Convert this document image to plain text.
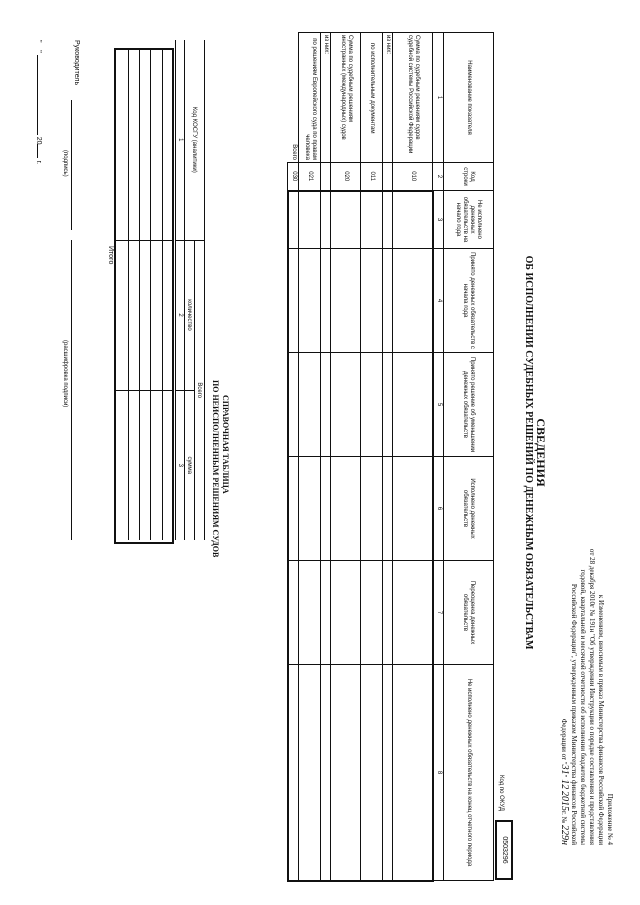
Приложение № 4
к Изменениям, вносимым в приказ Министерства финансов Российской Федерации
от 28 декабря 2010г № 191н "Об утверждении Инструкции о порядке составления и представления
годовой, квартальной и месячной отчетности об исполнении бюджетов бюджетной системы
Российской Федерации", утвержденным приказом Министерства финансов Российской
Федерации от "31" 12 2015г. № 229н
СВЕДЕНИЯ
ОБ ИСПОЛНЕНИИ СУДЕБНЫХ РЕШЕНИЙ ПО ДЕНЕЖНЫМ ОБЯЗАТЕЛЬСТВАМ
Код по ОКУД
0503296
Наименование показателя	Код строки	Не исполнено денежных обязательств на начало года	Принято денежных обязательств с начала года	Принято решение об уменьшении денежных обязательств	Исполнено денежных обязательств	Переоценка денежных обязательств	Не исполнено денежных обязательств на конец отчетного периода
1	2	3	4	5	6	7	8
Сумма по судебным решениям судов судебной системы Российской Федерации	010						
из них:							
по исполнительным документам	011						
Сумма по судебным решениям иностранных (международных) судов	020						
из них:							
по решениям Европейского суда по правам человека	021						
Всего	030						
СПРАВОЧНАЯ ТАБЛИЦА
ПО НЕИСПОЛНЕННЫМ РЕШЕНИЯМ СУДОВ
Код КОСГУ (аналитики)	Всего	
	количество	сумма
1	2	3
Итого
Руководитель
(подпись)
(расшифровка подписи)
"    "  20 г.
